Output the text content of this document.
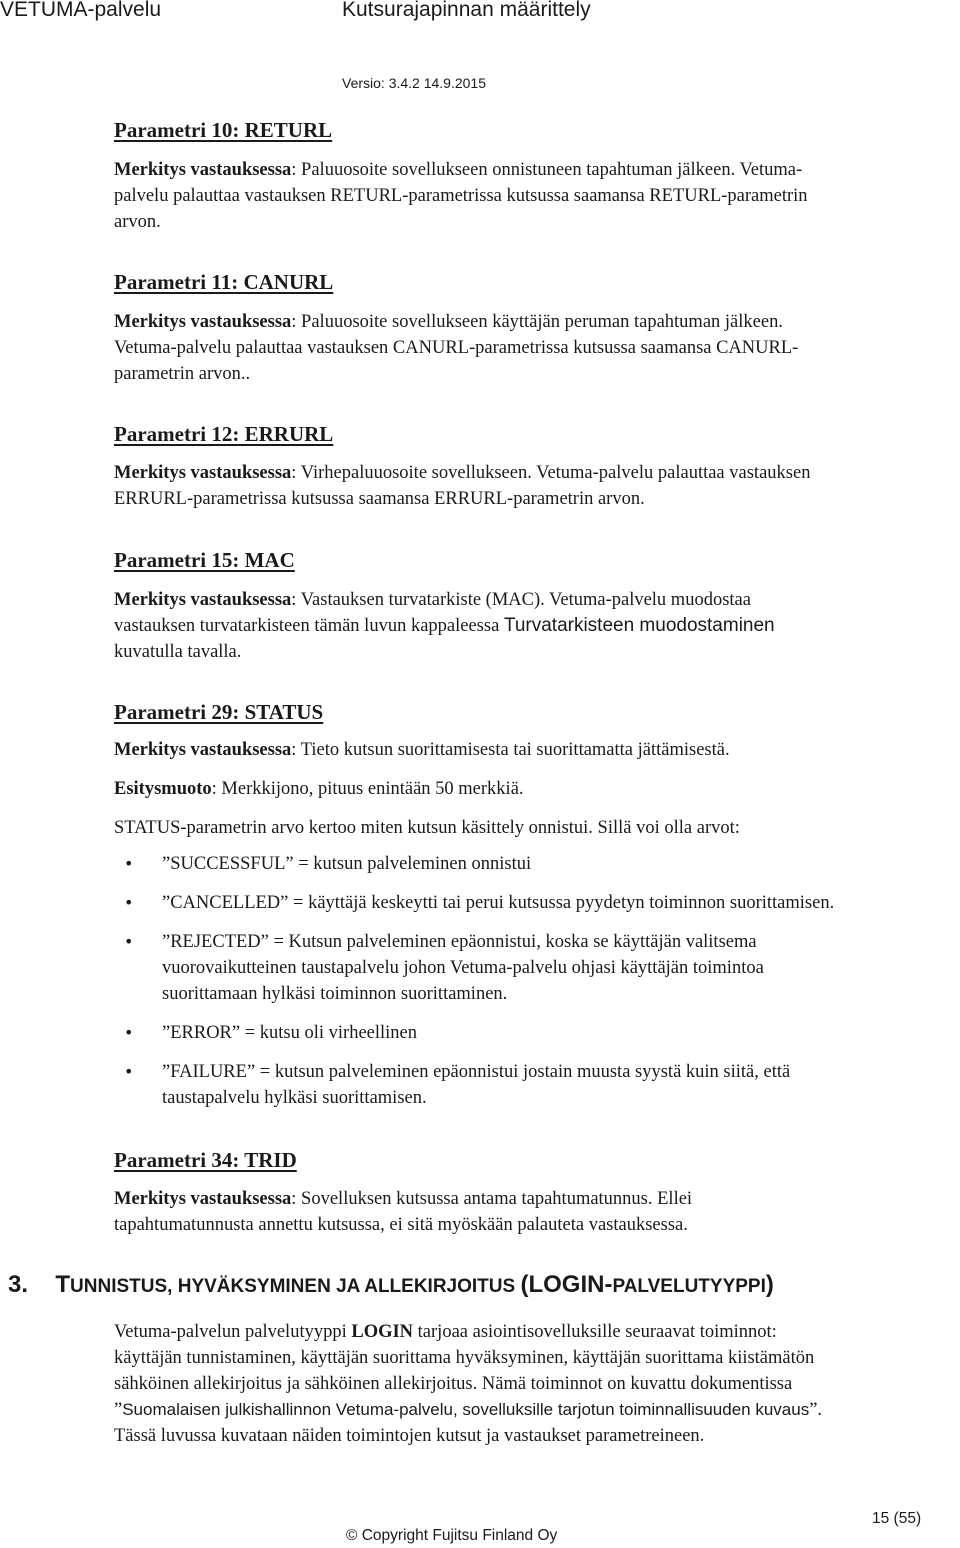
VETUMA-palvelu	Kutsurajapinnan määrittely
Versio: 3.4.2 14.9.2015
Parametri 10: RETURL
Merkitys vastauksessa: Paluuosoite sovellukseen onnistuneen tapahtuman jälkeen. Vetuma-
palvelu palauttaa vastauksen RETURL-parametrissa kutsussa saamansa RETURL-parametrin
arvon.
Parametri 11: CANURL
Merkitys vastauksessa: Paluuosoite sovellukseen käyttäjän peruman tapahtuman jälkeen.
Vetuma-palvelu palauttaa vastauksen CANURL-parametrissa kutsussa saamansa CANURL-
parametrin arvon..
Parametri 12: ERRURL
Merkitys vastauksessa: Virhepaluuosoite sovellukseen. Vetuma-palvelu palauttaa vastauksen
ERRURL-parametrissa kutsussa saamansa ERRURL-parametrin arvon.
Parametri 15: MAC
Merkitys vastauksessa: Vastauksen turvatarkiste (MAC). Vetuma-palvelu muodostaa
vastauksen turvatarkisteen tämän luvun kappaleessa Turvatarkisteen muodostaminen
kuvatulla tavalla.
Parametri 29: STATUS
Merkitys vastauksessa: Tieto kutsun suorittamisesta tai suorittamatta jättämisestä.
Esitysmuoto: Merkkijono, pituus enintään 50 merkkiä.
STATUS-parametrin arvo kertoo miten kutsun käsittely onnistui. Sillä voi olla arvot:
• ”SUCCESSFUL” = kutsun palveleminen onnistui
• ”CANCELLED” = käyttäjä keskeytti tai perui kutsussa pyydetyn toiminnon suorittamisen.
• ”REJECTED” = Kutsun palveleminen epäonnistui, koska se käyttäjän valitsema
vuorovaikutteinen taustapalvelu johon Vetuma-palvelu ohjasi käyttäjän toimintoa
suorittamaan hylkäsi toiminnon suorittaminen.
• ”ERROR” = kutsu oli virheellinen
• ”FAILURE” = kutsun palveleminen epäonnistui jostain muusta syystä kuin siitä, että
taustapalvelu hylkäsi suorittamisen.
Parametri 34: TRID
Merkitys vastauksessa: Sovelluksen kutsussa antama tapahtumatunnus. Ellei
tapahtumatunnusta annettu kutsussa, ei sitä myöskään palauteta vastauksessa.
3. TUNNISTUS, HYVÄKSYMINEN JA ALLEKIRJOITUS (LOGIN-PALVELUTYYPPI)
Vetuma-palvelun palvelutyyppi LOGIN tarjoaa asiointisovelluksille seuraavat toiminnot:
käyttäjän tunnistaminen, käyttäjän suorittama hyväksyminen, käyttäjän suorittama kiistämätön
sähköinen allekirjoitus ja sähköinen allekirjoitus. Nämä toiminnot on kuvattu dokumentissa
”Suomalaisen julkishallinnon Vetuma-palvelu, sovelluksille tarjotun toiminnallisuuden kuvaus”.
Tässä luvussa kuvataan näiden toimintojen kutsut ja vastaukset parametreineen.
© Copyright Fujitsu Finland Oy
15 (55)
